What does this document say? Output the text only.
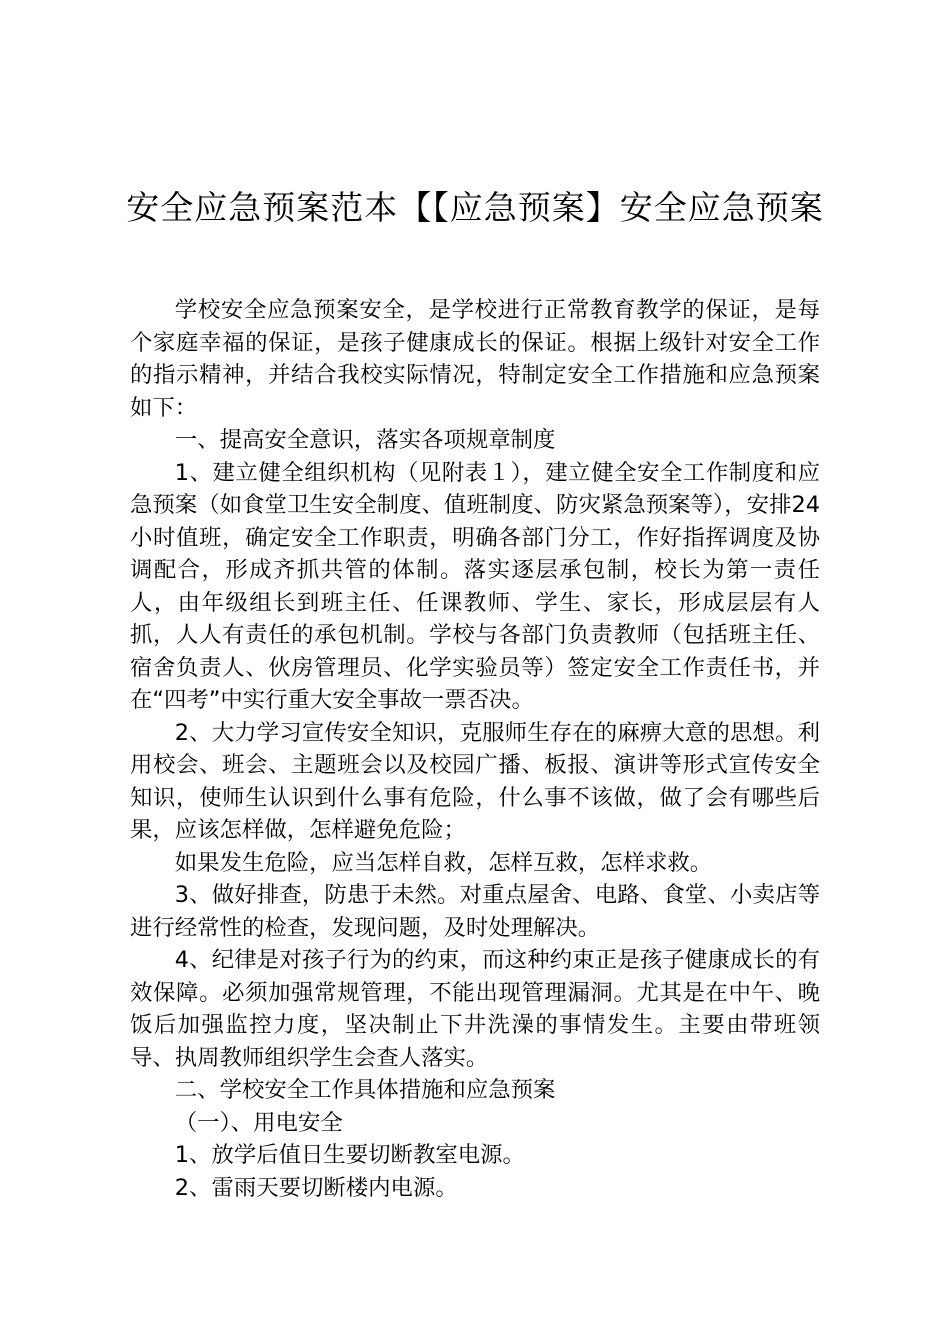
安全应急预案范本【【应急预案】安全应急预案

学校安全应急预案安全，是学校进行正常教育教学的保证，是每个家庭幸福的保证，是孩子健康成长的保证。根据上级针对安全工作的指示精神，并结合我校实际情况，特制定安全工作措施和应急预案如下：

一、提高安全意识，落实各项规章制度

1、建立健全组织机构（见附表１），建立健全安全工作制度和应急预案（如食堂卫生安全制度、值班制度、防灾紧急预案等），安排24小时值班，确定安全工作职责，明确各部门分工，作好指挥调度及协调配合，形成齐抓共管的体制。落实逐层承包制，校长为第一责任人，由年级组长到班主任、任课教师、学生、家长，形成层层有人抓，人人有责任的承包机制。学校与各部门负责教师（包括班主任、宿舍负责人、伙房管理员、化学实验员等）签定安全工作责任书，并在“四考”中实行重大安全事故一票否决。

2、大力学习宣传安全知识，克服师生存在的麻痹大意的思想。利用校会、班会、主题班会以及校园广播、板报、演讲等形式宣传安全知识，使师生认识到什么事有危险，什么事不该做，做了会有哪些后果，应该怎样做，怎样避免危险；

如果发生危险，应当怎样自救，怎样互救，怎样求救。

3、做好排查，防患于未然。对重点屋舍、电路、食堂、小卖店等进行经常性的检查，发现问题，及时处理解决。

4、纪律是对孩子行为的约束，而这种约束正是孩子健康成长的有效保障。必须加强常规管理，不能出现管理漏洞。尤其是在中午、晚饭后加强监控力度，坚决制止下井洗澡的事情发生。主要由带班领导、执周教师组织学生会查人落实。

二、学校安全工作具体措施和应急预案

（一）、用电安全

1、放学后值日生要切断教室电源。

2、雷雨天要切断楼内电源。
